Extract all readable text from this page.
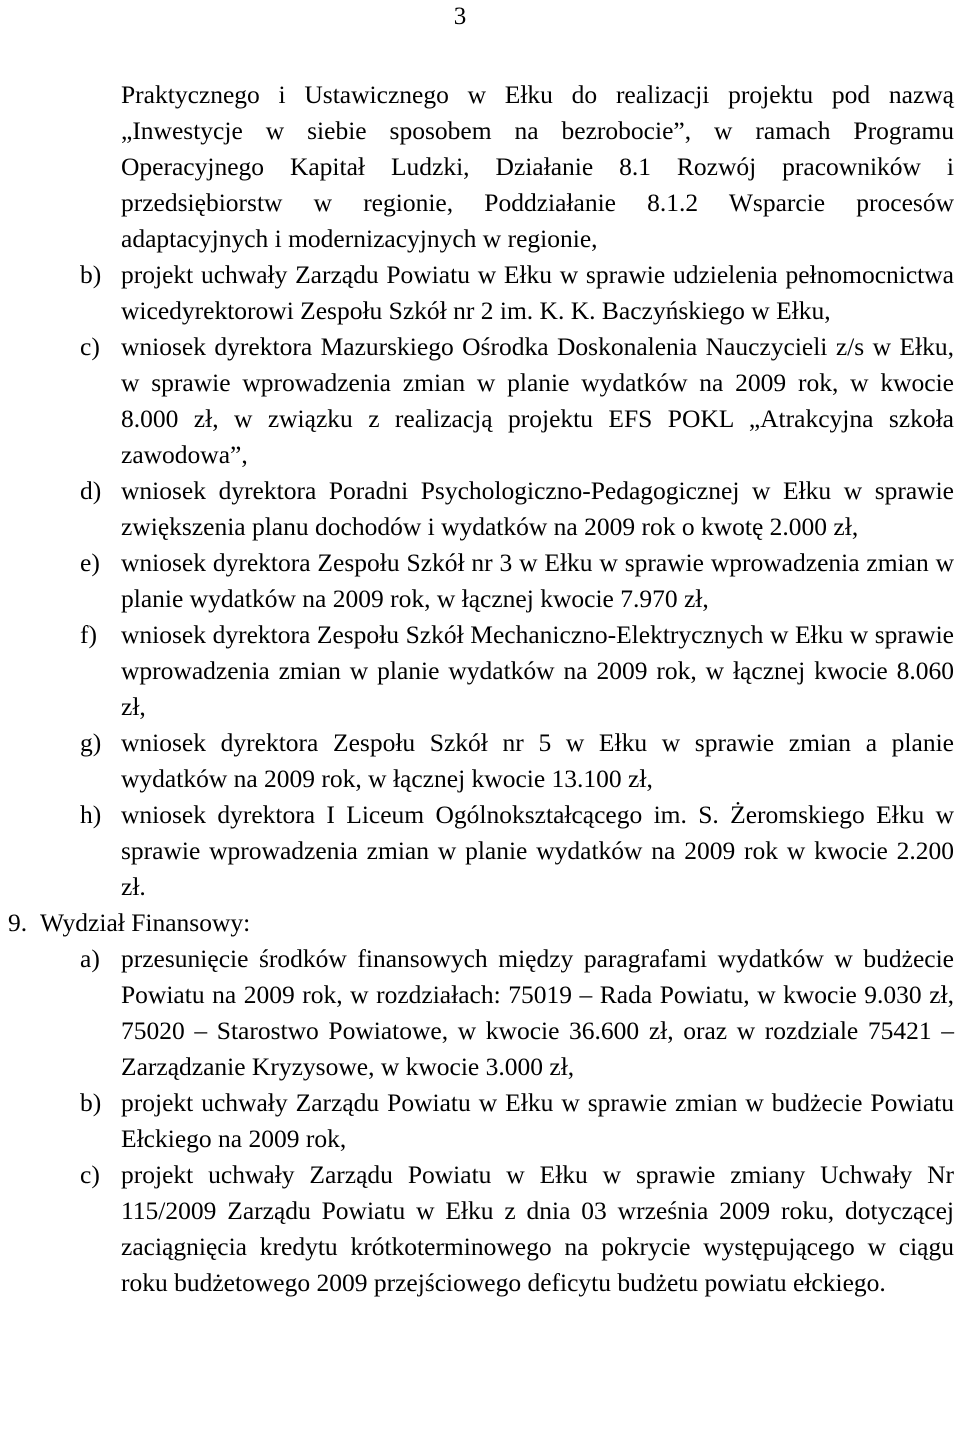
3

Praktycznego i Ustawicznego w Ełku do realizacji projektu pod nazwą „Inwestycje w siebie sposobem na bezrobocie”, w ramach Programu Operacyjnego Kapitał Ludzki, Działanie 8.1 Rozwój pracowników i przedsiębiorstw w regionie, Poddziałanie 8.1.2 Wsparcie procesów adaptacyjnych i modernizacyjnych w regionie,

b) projekt uchwały Zarządu Powiatu w Ełku w sprawie udzielenia pełnomocnictwa wicedyrektorowi Zespołu Szkół nr 2 im. K. K. Baczyńskiego w Ełku,
c) wniosek dyrektora Mazurskiego Ośrodka Doskonalenia Nauczycieli z/s w Ełku, w sprawie wprowadzenia zmian w planie wydatków na 2009 rok, w kwocie 8.000 zł, w związku z realizacją projektu EFS POKL „Atrakcyjna szkoła zawodowa”,
d) wniosek dyrektora Poradni Psychologiczno-Pedagogicznej w Ełku w sprawie zwiększenia planu dochodów i wydatków na 2009 rok o kwotę 2.000 zł,
e) wniosek dyrektora Zespołu Szkół nr 3 w Ełku w sprawie wprowadzenia zmian w planie wydatków na 2009 rok, w łącznej kwocie 7.970 zł,
f) wniosek dyrektora Zespołu Szkół Mechaniczno-Elektrycznych w Ełku w sprawie wprowadzenia zmian w planie wydatków na 2009 rok, w łącznej kwocie 8.060 zł,
g) wniosek dyrektora Zespołu Szkół nr 5 w Ełku w sprawie zmian a planie wydatków na 2009 rok, w łącznej kwocie 13.100 zł,
h) wniosek dyrektora I Liceum Ogólnokształcącego im. S. Żeromskiego Ełku w sprawie wprowadzenia zmian w planie wydatków na 2009 rok w kwocie 2.200 zł.
9. Wydział Finansowy:
a) przesunięcie środków finansowych między paragrafami wydatków w budżecie Powiatu na 2009 rok, w rozdziałach: 75019 – Rada Powiatu, w kwocie 9.030 zł, 75020 – Starostwo Powiatowe, w kwocie 36.600 zł, oraz w rozdziale 75421 – Zarządzanie Kryzysowe, w kwocie 3.000 zł,
b) projekt uchwały Zarządu Powiatu w Ełku w sprawie zmian w budżecie Powiatu Ełckiego na 2009 rok,
c) projekt uchwały Zarządu Powiatu w Ełku w sprawie zmiany Uchwały Nr 115/2009 Zarządu Powiatu w Ełku z dnia 03 września 2009 roku, dotyczącej zaciągnięcia kredytu krótkoterminowego na pokrycie występującego w ciągu roku budżetowego 2009 przejściowego deficytu budżetu powiatu ełckiego.
